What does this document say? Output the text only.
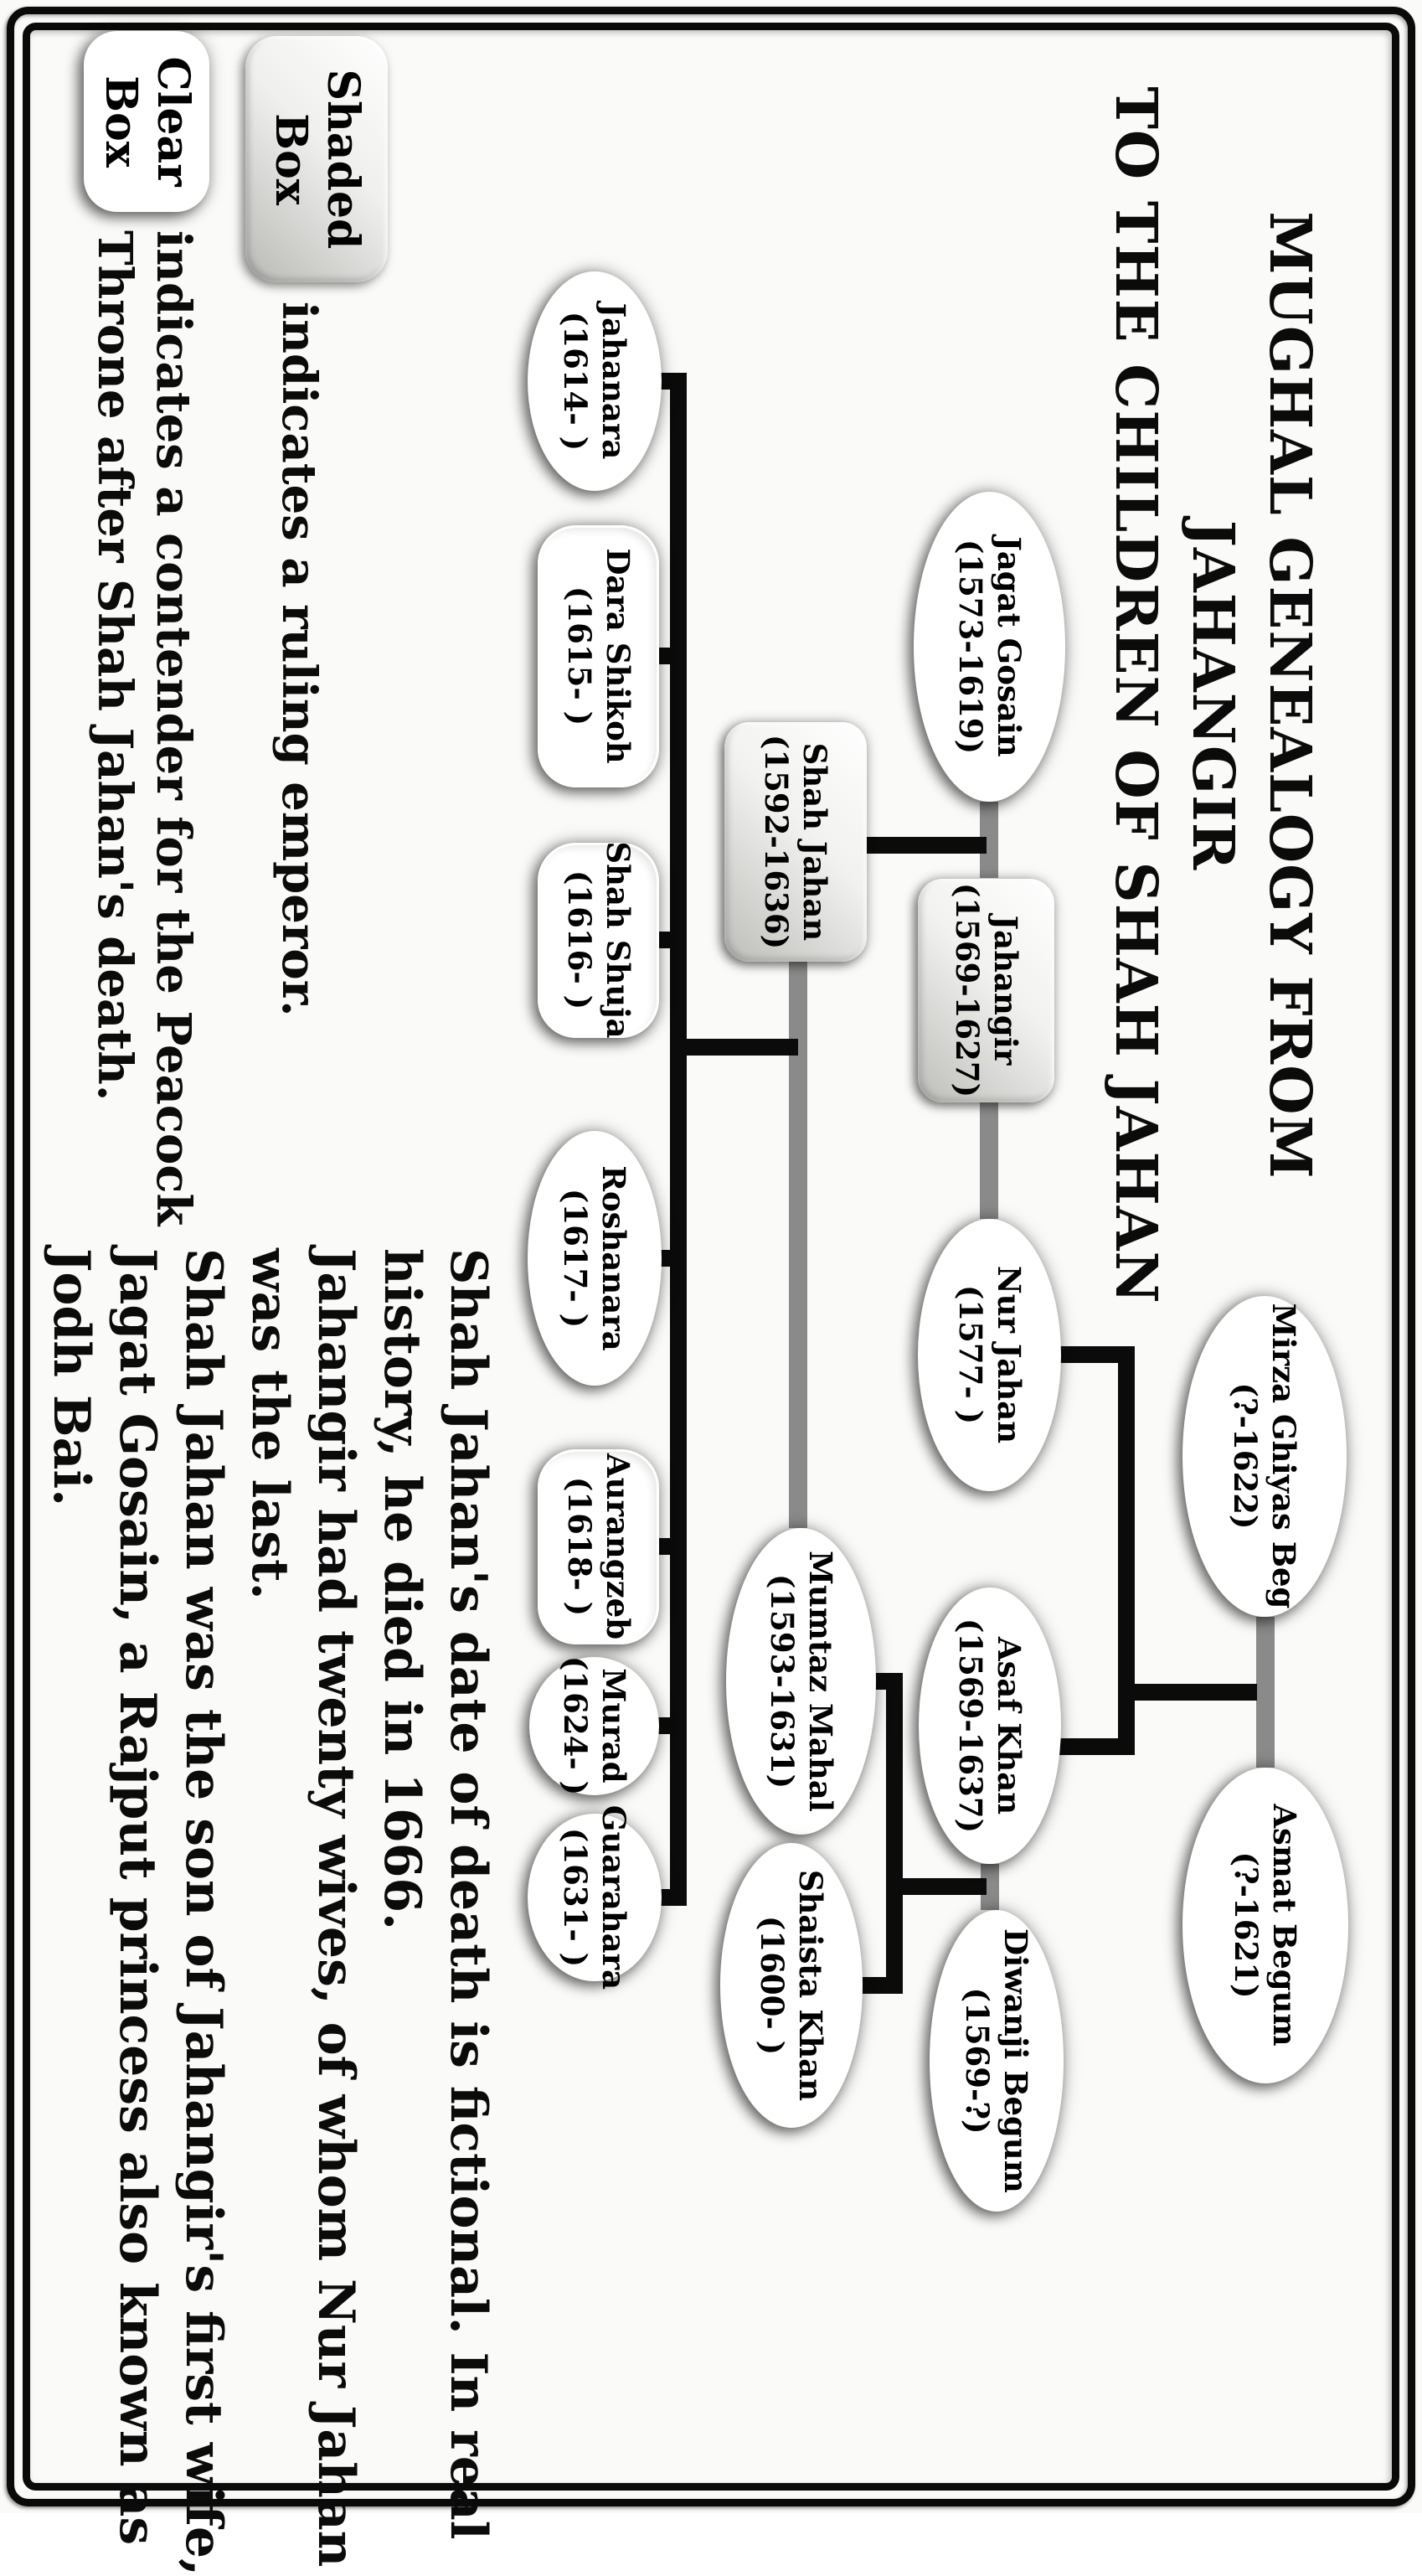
MUGHAL GENEALOGY FROM JAHANGIR
TO THE CHILDREN OF SHAH JAHAN
Mirza Ghiyas Beg
(?-1622)
Asmat Begum
(?-1621)
Jagat Gosain
(1573-1619)
Jahangir
(1569-1627)
Nur Jahan
(1577- )
Asaf Khan
(1569-1637)
Diwanji Begum
(1569-?)
Shah Jahan
(1592-1636)
Mumtaz Mahal
(1593-1631)
Shaista Khan
(1600- )
Jahanara
(1614- )
Dara Shikoh
(1615- )
Shah Shuja
(1616- )
Roshanara
(1617- )
Aurangzeb
(1618- )
Murad
(1624- )
Guarahara
(1631- )
Shaded
Box
indicates a ruling emperor.
Clear
Box
indicates a contender for the Peacock
Throne after Shah Jahan's death.
Shah Jahan's date of death is fictional. In real
history, he died in 1666.
Jahangir had twenty wives, of whom Nur Jahan
was the last.
Shah Jahan was the son of Jahangir's first wife,
Jagat Gosain, a Rajput princess also known as
Jodh Bai.
